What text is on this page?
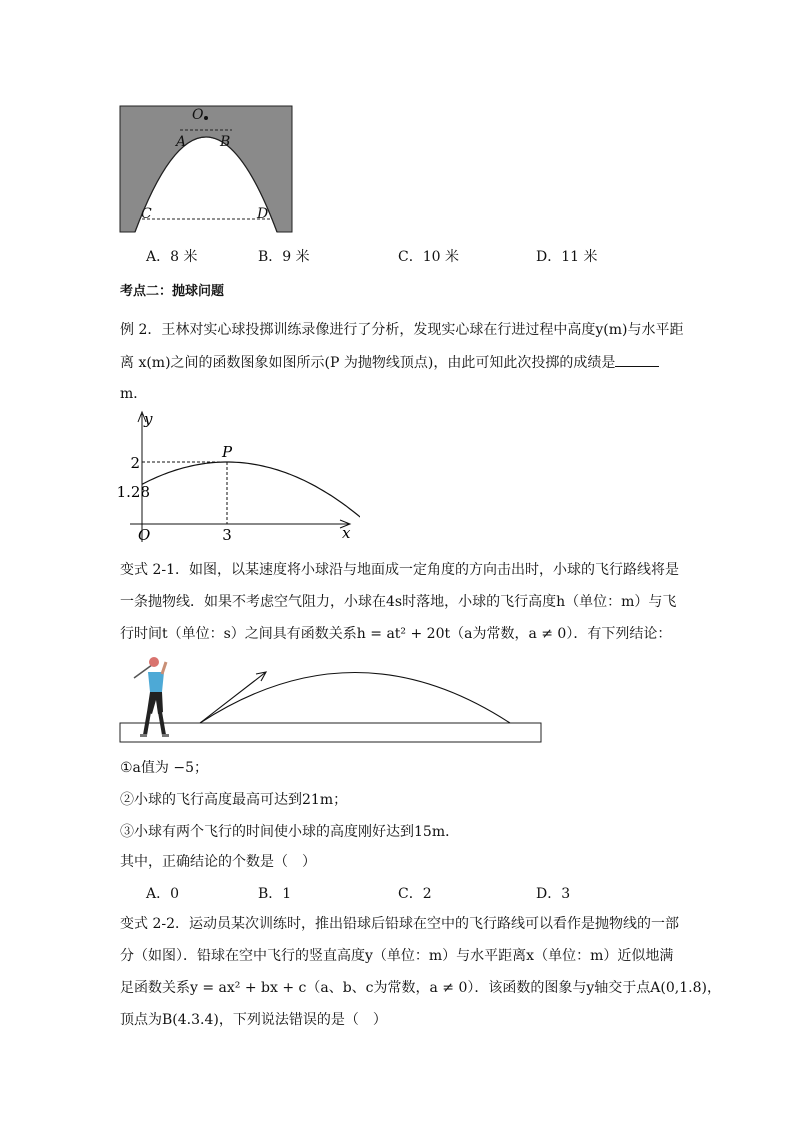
O
A B
C	D
A．8 米	B．9 米	C．10 米	D．11 米
考点二：抛球问题
例 2．王林对实心球投掷训练录像进行了分析，发现实心球在行进过程中高度y(m)与水平距
离 x(m)之间的函数图象如图所示(P 为抛物线顶点)，由此可知此次投掷的成绩是
m．
y
x
O
P
2
1.28
3
变式 2-1．如图，以某速度将小球沿与地面成一定角度的方向击出时，小球的飞行路线将是
一条抛物线．如果不考虑空气阻力，小球在4s时落地，小球的飞行高度h（单位：m）与飞
行时间t（单位：s）之间具有函数关系h = at² + 20t（a为常数，a ≠ 0）．有下列结论：
①a值为 −5；
②小球的飞行高度最高可达到21m；
③小球有两个飞行的时间使小球的高度刚好达到15m．
其中，正确结论的个数是（　）
A．0	B．1	C．2	D．3
变式 2-2．运动员某次训练时，推出铅球后铅球在空中的飞行路线可以看作是抛物线的一部
分（如图）．铅球在空中飞行的竖直高度y（单位：m）与水平距离x（单位：m）近似地满
足函数关系y = ax² + bx + c（a、b、c为常数，a ≠ 0）．该函数的图象与y轴交于点A(0,1.8)，
顶点为B(4.3.4)，下列说法错误的是（　）
